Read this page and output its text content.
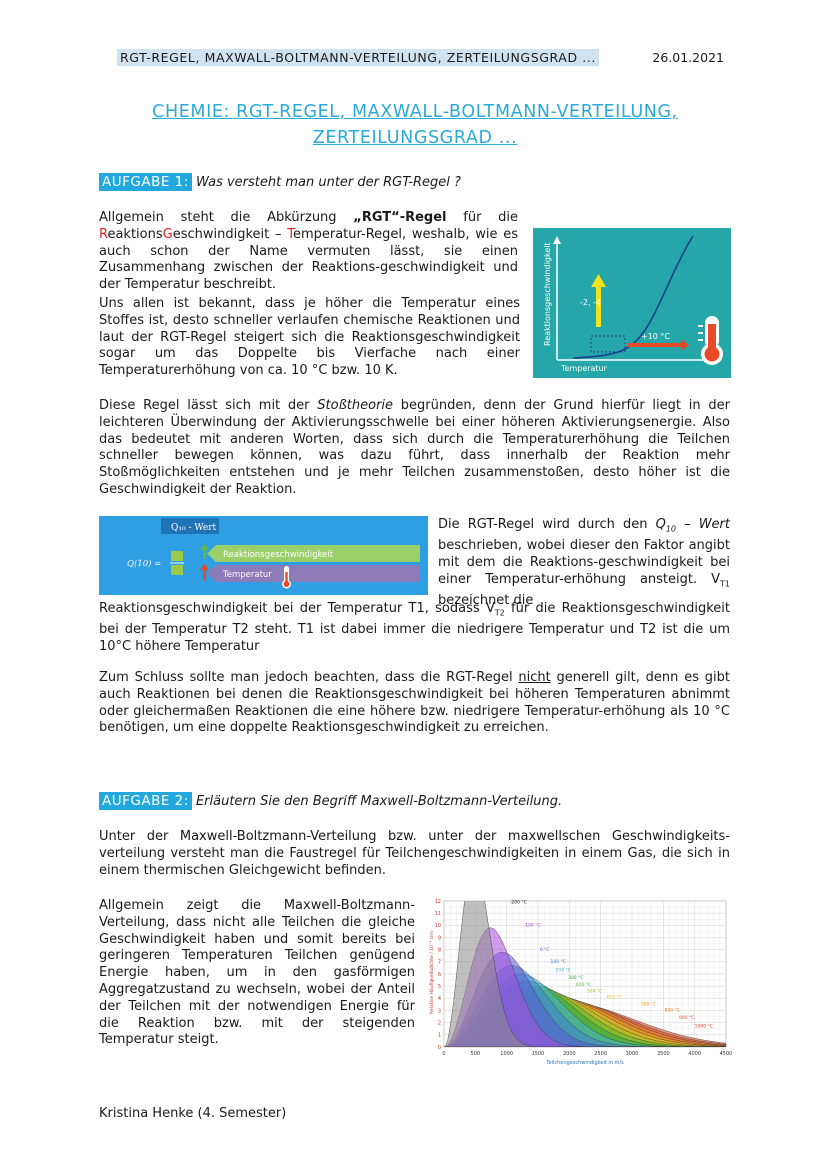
RGT-REGEL, MAXWALL-BOLTMANN-VERTEILUNG, ZERTEILUNGSGRAD ...	26.01.2021
CHEMIE: RGT-REGEL, MAXWALL-BOLTMANN-VERTEILUNG,
ZERTEILUNGSGRAD ...
AUFGABE 1: Was versteht man unter der RGT-Regel ?
Allgemein steht die Abkürzung „RGT“-Regel für die ReaktionsGeschwindigkeit – Temperatur-Regel, weshalb, wie es auch schon der Name vermuten lässt, sie einen Zusammenhang zwischen der Reaktions-geschwindigkeit und der Temperatur beschreibt.
-2, -4
+10 °C
Reaktionsgeschwindigkeit
Temperatur
Uns allen ist bekannt, dass je höher die Temperatur eines Stoffes ist, desto schneller verlaufen chemische Reaktionen und laut der RGT-Regel steigert sich die Reaktionsgeschwindigkeit sogar um das Doppelte bis Vierfache nach einer Temperaturerhöhung von ca. 10 °C bzw. 10 K.
Diese Regel lässt sich mit der Stoßtheorie begründen, denn der Grund hierfür liegt in der leichteren Überwindung der Aktivierungsschwelle bei einer höheren Aktivierungsenergie. Also das bedeutet mit anderen Worten, dass sich durch die Temperaturerhöhung die Teilchen schneller bewegen können, was dazu führt, dass innerhalb der Reaktion mehr Stoßmöglichkeiten entstehen und je mehr Teilchen zusammenstoßen, desto höher ist die Geschwindigkeit der Reaktion.
Q₁₀ - Wert
Q(10) =
Reaktionsgeschwindigkeit
Temperatur
Die RGT-Regel wird durch den $Q_{10}$ – Wert beschrieben, wobei dieser den Faktor angibt mit dem die Reaktions-geschwindigkeit bei einer Temperatur-erhöhung ansteigt. $V_{T1}$ bezeichnet die
Reaktionsgeschwindigkeit bei der Temperatur T1, sodass $V_{T2}$ für die Reaktionsgeschwindigkeit bei der Temperatur T2 steht. T1 ist dabei immer die niedrigere Temperatur und T2 ist die um 10°C höhere Temperatur
Zum Schluss sollte man jedoch beachten, dass die RGT-Regel nicht generell gilt, denn es gibt auch Reaktionen bei denen die Reaktionsgeschwindigkeit bei höheren Temperaturen abnimmt oder gleichermaßen Reaktionen die eine höhere bzw. niedrigere Temperatur-erhöhung als 10 °C benötigen, um eine doppelte Reaktionsgeschwindigkeit zu erreichen.
AUFGABE 2: Erläutern Sie den Begriff Maxwell-Boltzmann-Verteilung.
Unter der Maxwell-Boltzmann-Verteilung bzw. unter der maxwellschen Geschwindigkeits-verteilung versteht man die Faustregel für Teilchengeschwindigkeiten in einem Gas, die sich in einem thermischen Gleichgewicht befinden.
Allgemein zeigt die Maxwell-Boltzmann-Verteilung, dass nicht alle Teilchen die gleiche Geschwindigkeit haben und somit bereits bei geringeren Temperaturen Teilchen genügend Energie haben, um in den gasförmigen Aggregatzustand zu wechseln, wobei der Anteil der Teilchen mit der notwendigen Energie für die Reaktion bzw. mit der steigenden Temperatur steigt.
-200 °C
-100 °C
0 °C
100 °C
200 °C
300 °C
400 °C
500 °C
600 °C
700 °C
800 °C
900 °C
1000 °C
0	500	1000	1500	2000	2500	3000	3500	4000	4500
0
1
2
3
4
5
6
7
8
9
10
11
12
Teilchengeschwindigkeit in m/s
Relative Häufigkeitsdichte / 10⁻⁴ s/m
Kristina Henke (4. Semester)
